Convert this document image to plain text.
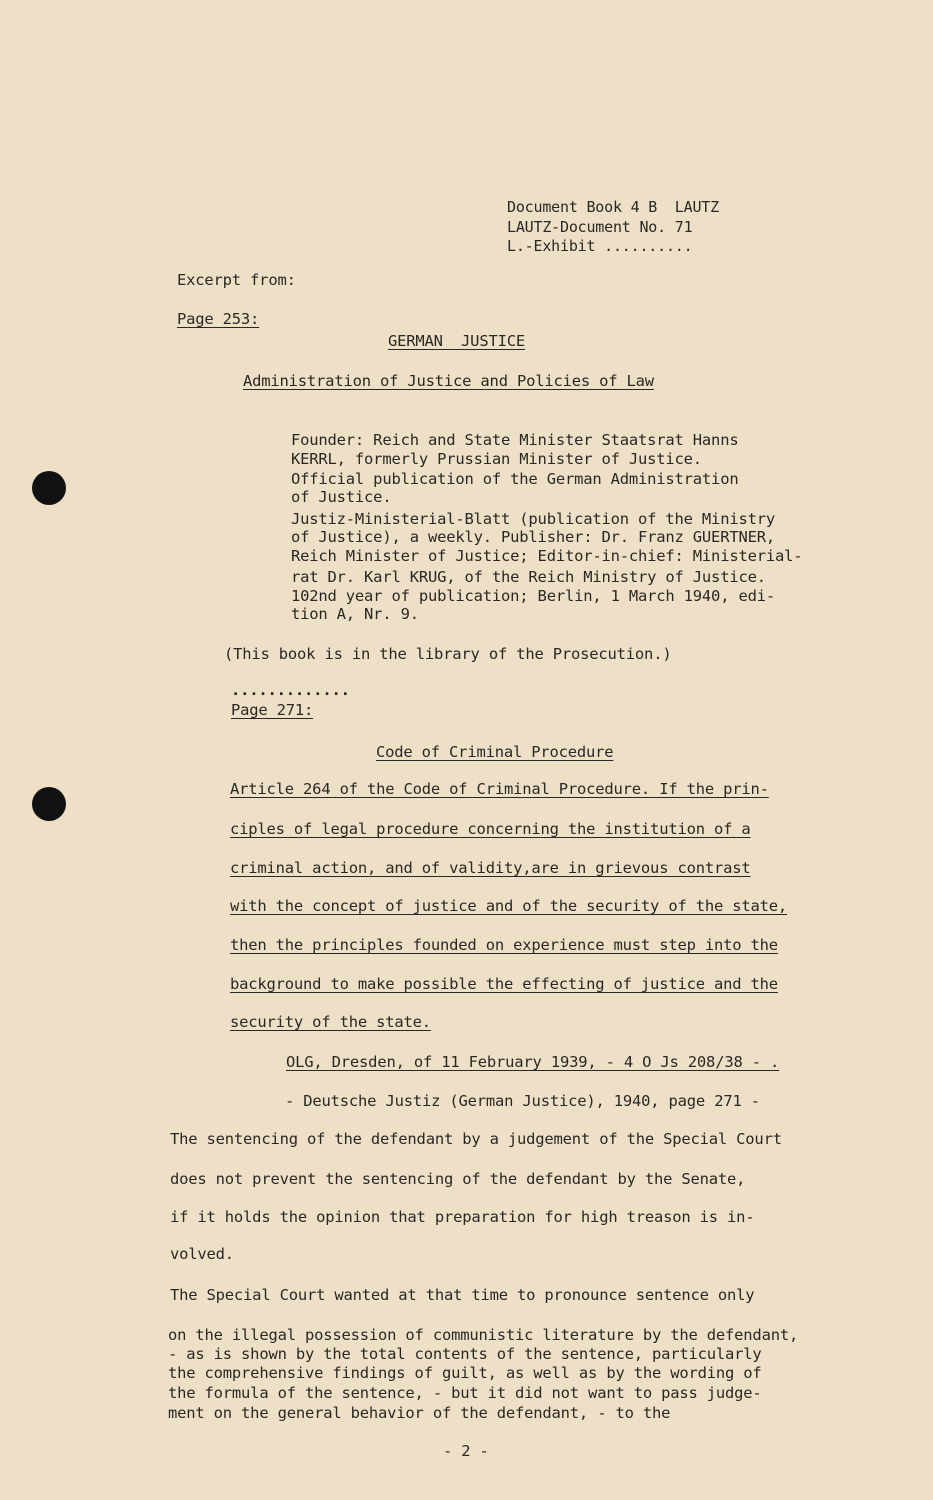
Document Book 4 B  LAUTZ
LAUTZ-Document No. 71
L.-Exhibit ..........
Excerpt from:
Page 253:
GERMAN  JUSTICE
Administration of Justice and Policies of Law
Founder: Reich and State Minister Staatsrat Hanns
KERRL, formerly Prussian Minister of Justice.
Official publication of the German Administration
of Justice.
Justiz-Ministerial-Blatt (publication of the Ministry
of Justice), a weekly. Publisher: Dr. Franz GUERTNER,
Reich Minister of Justice; Editor-in-chief: Ministerial-
rat Dr. Karl KRUG, of the Reich Ministry of Justice.
102nd year of publication; Berlin, 1 March 1940, edi-
tion A, Nr. 9.
(This book is in the library of the Prosecution.)
.............
Page 271:
Code of Criminal Procedure
Article 264 of the Code of Criminal Procedure. If the prin-
ciples of legal procedure concerning the institution of a
criminal action, and of validity,are in grievous contrast
with the concept of justice and of the security of the state,
then the principles founded on experience must step into the
background to make possible the effecting of justice and the
security of the state.
OLG, Dresden, of 11 February 1939, - 4 O Js 208/38 - .
- Deutsche Justiz (German Justice), 1940, page 271 -
The sentencing of the defendant by a judgement of the Special Court
does not prevent the sentencing of the defendant by the Senate,
if it holds the opinion that preparation for high treason is in-
volved.
The Special Court wanted at that time to pronounce sentence only
on the illegal possession of communistic literature by the defendant,
- as is shown by the total contents of the sentence, particularly
the comprehensive findings of guilt, as well as by the wording of
the formula of the sentence, - but it did not want to pass judge-
ment on the general behavior of the defendant, - to the
- 2 -
